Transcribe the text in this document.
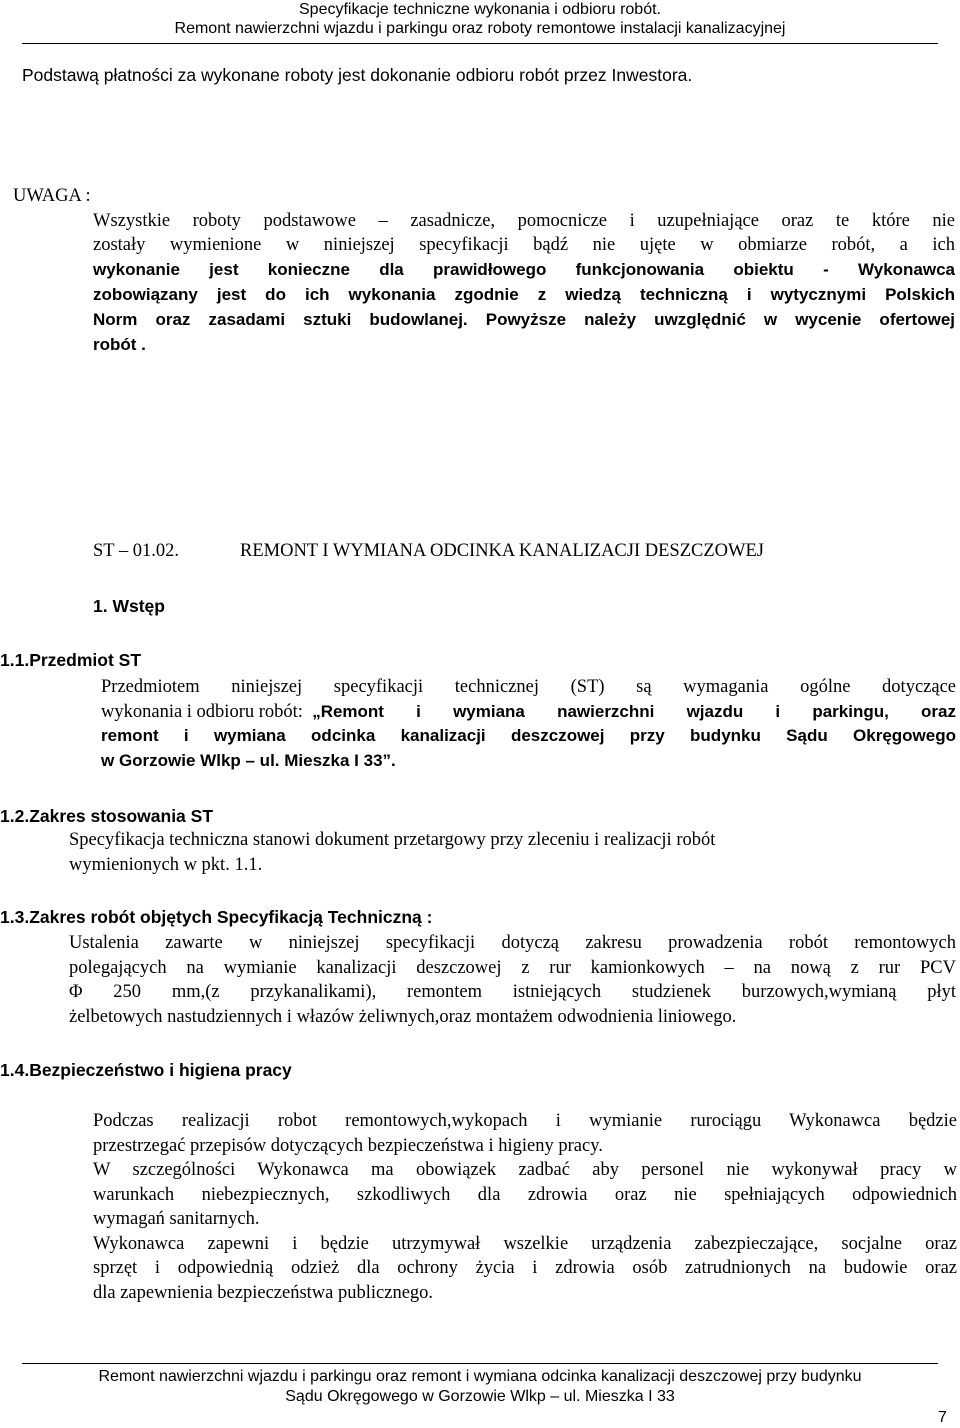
Specyfikacje techniczne wykonania i odbioru robót.
Remont nawierzchni wjazdu i parkingu oraz roboty remontowe instalacji kanalizacyjnej
Podstawą płatności za wykonane roboty jest dokonanie odbioru robót przez Inwestora.
UWAGA :
Wszystkie roboty podstawowe – zasadnicze, pomocnicze i uzupełniające oraz te które nie
zostały wymienione w niniejszej specyfikacji bądź nie ujęte w obmiarze robót, a ich
wykonanie jest konieczne dla prawidłowego funkcjonowania obiektu - Wykonawca
zobowiązany jest do ich wykonania zgodnie z wiedzą techniczną i wytycznymi Polskich
Norm oraz zasadami sztuki budowlanej. Powyższe należy uwzględnić w wycenie ofertowej
robót .
ST – 01.02.	REMONT I WYMIANA ODCINKA KANALIZACJI DESZCZOWEJ
1. Wstęp
1.1.Przedmiot ST
Przedmiotem niniejszej specyfikacji technicznej (ST) są wymagania ogólne dotyczące
wykonania i odbioru robót: „Remont i wymiana nawierzchni wjazdu i parkingu, oraz
remont i wymiana odcinka kanalizacji deszczowej przy budynku Sądu Okręgowego
w Gorzowie Wlkp – ul. Mieszka I 33”.
1.2.Zakres stosowania ST
Specyfikacja techniczna stanowi dokument przetargowy przy zleceniu i realizacji robót
wymienionych w pkt. 1.1.
1.3.Zakres robót objętych Specyfikacją Techniczną :
Ustalenia zawarte w niniejszej specyfikacji dotyczą zakresu prowadzenia robót remontowych
polegających na wymianie kanalizacji deszczowej z rur kamionkowych – na nową z rur PCV
Φ 250 mm,(z przykanalikami), remontem istniejących studzienek burzowych,wymianą płyt
żelbetowych nastudziennych i włazów żeliwnych,oraz montażem odwodnienia liniowego.
1.4.Bezpieczeństwo i higiena pracy
Podczas realizacji robot remontowych,wykopach i wymianie rurociągu Wykonawca będzie
przestrzegać przepisów dotyczących bezpieczeństwa i higieny pracy.
W szczególności Wykonawca ma obowiązek zadbać aby personel nie wykonywał pracy w
warunkach niebezpiecznych, szkodliwych dla zdrowia oraz nie spełniających odpowiednich
wymagań sanitarnych.
Wykonawca zapewni i będzie utrzymywał wszelkie urządzenia zabezpieczające, socjalne oraz
sprzęt i odpowiednią odzież dla ochrony życia i zdrowia osób zatrudnionych na budowie oraz
dla zapewnienia bezpieczeństwa publicznego.
Remont nawierzchni wjazdu i parkingu oraz remont i wymiana odcinka kanalizacji deszczowej przy budynku
Sądu Okręgowego w Gorzowie Wlkp – ul. Mieszka I 33
7
